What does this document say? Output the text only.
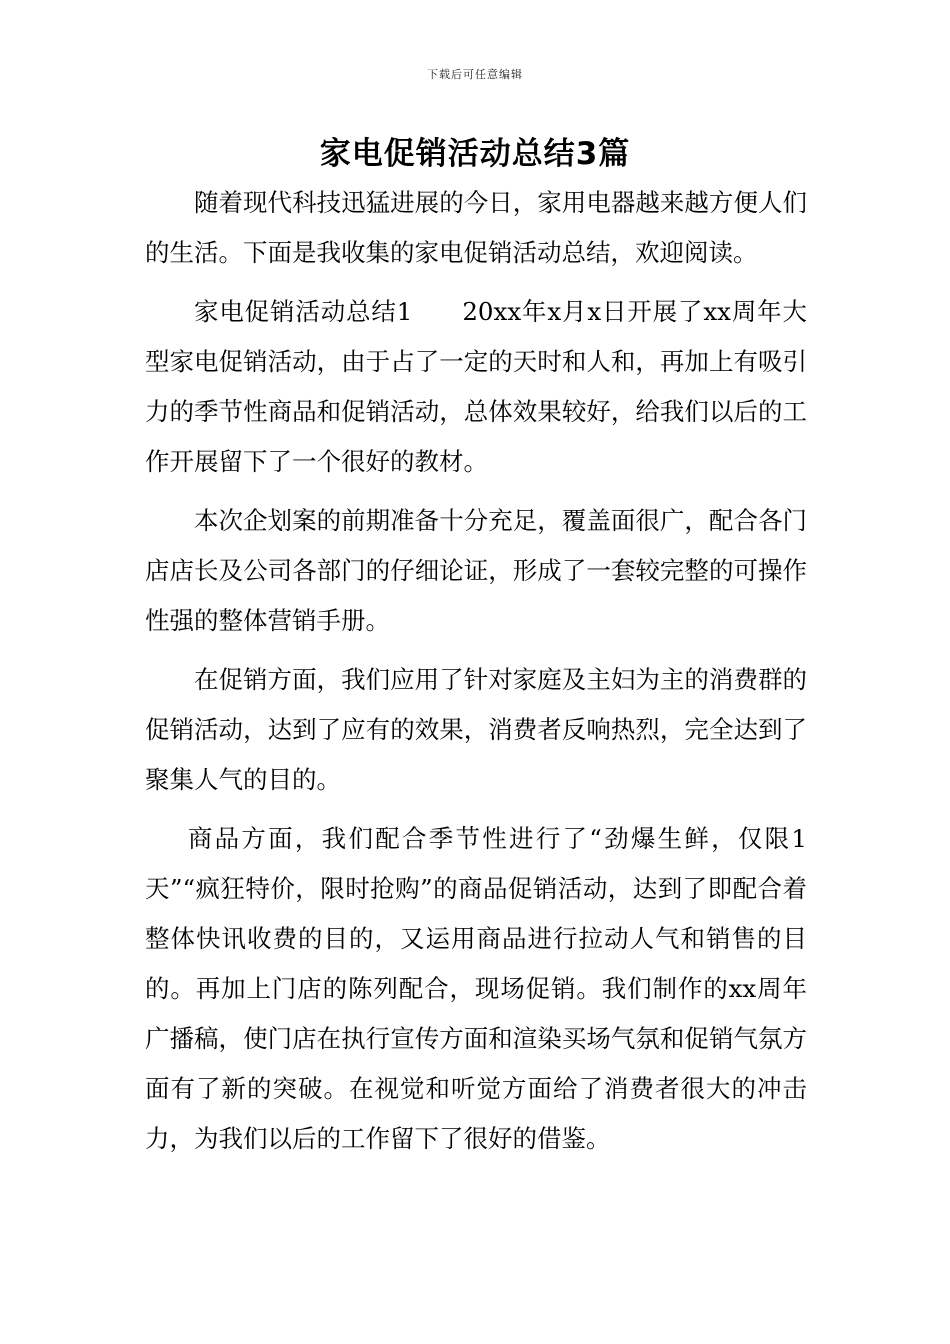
下载后可任意编辑
家电促销活动总结3篇

随着现代科技迅猛进展的今日，家用电器越来越方便人们的生活。下面是我收集的家电促销活动总结，欢迎阅读。

家电促销活动总结1 20xx年x月x日开展了xx周年大型家电促销活动，由于占了一定的天时和人和，再加上有吸引力的季节性商品和促销活动，总体效果较好，给我们以后的工作开展留下了一个很好的教材。

本次企划案的前期准备十分充足，覆盖面很广，配合各门店店长及公司各部门的仔细论证，形成了一套较完整的可操作性强的整体营销手册。

在促销方面，我们应用了针对家庭及主妇为主的消费群的促销活动，达到了应有的效果，消费者反响热烈，完全达到了聚集人气的目的。

商品方面，我们配合季节性进行了“劲爆生鲜，仅限1天”“疯狂特价，限时抢购”的商品促销活动，达到了即配合着整体快讯收费的目的，又运用商品进行拉动人气和销售的目的。再加上门店的陈列配合，现场促销。我们制作的xx周年广播稿，使门店在执行宣传方面和渲染买场气氛和促销气氛方面有了新的突破。在视觉和听觉方面给了消费者很大的冲击力，为我们以后的工作留下了很好的借鉴。
